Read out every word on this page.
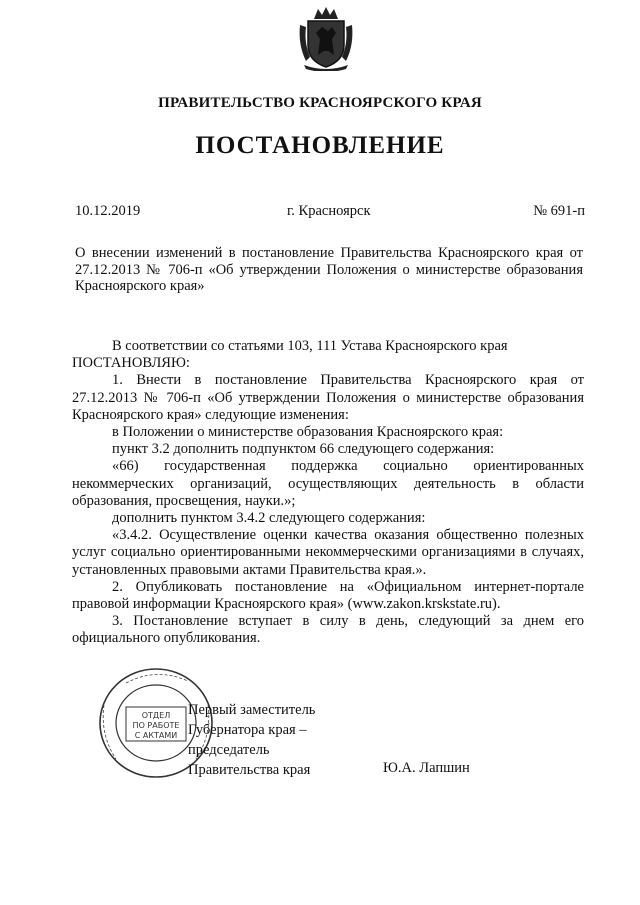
ПРАВИТЕЛЬСТВО КРАСНОЯРСКОГО КРАЯ
ПОСТАНОВЛЕНИЕ
10.12.2019	г. Красноярск	№ 691-п
О внесении изменений в постановление Правительства Красноярского края от 27.12.2013 № 706-п «Об утверждении Положения о министерстве образования Красноярского края»

В соответствии со статьями 103, 111 Устава Красноярского края

ПОСТАНОВЛЯЮ:

1. Внести в постановление Правительства Красноярского края от 27.12.2013 № 706-п «Об утверждении Положения о министерстве образования Красноярского края» следующие изменения:

в Положении о министерстве образования Красноярского края:

пункт 3.2 дополнить подпунктом 66 следующего содержания:

«66) государственная поддержка социально ориентированных некоммерческих организаций, осуществляющих деятельность в области образования, просвещения, науки.»;

дополнить пунктом 3.4.2 следующего содержания:

«3.4.2. Осуществление оценки качества оказания общественно полезных услуг социально ориентированными некоммерческими организациями в случаях, установленных правовыми актами Правительства края.».

2. Опубликовать постановление на «Официальном интернет-портале правовой информации Красноярского края» (www.zakon.krskstate.ru).

3. Постановление вступает в силу в день, следующий за днем его официального опубликования.

ОТДЕЛ
ПО РАБОТЕ
С АКТАМИ
Первый заместитель
Губернатора края –
председатель
Правительства края	Ю.А. Лапшин
